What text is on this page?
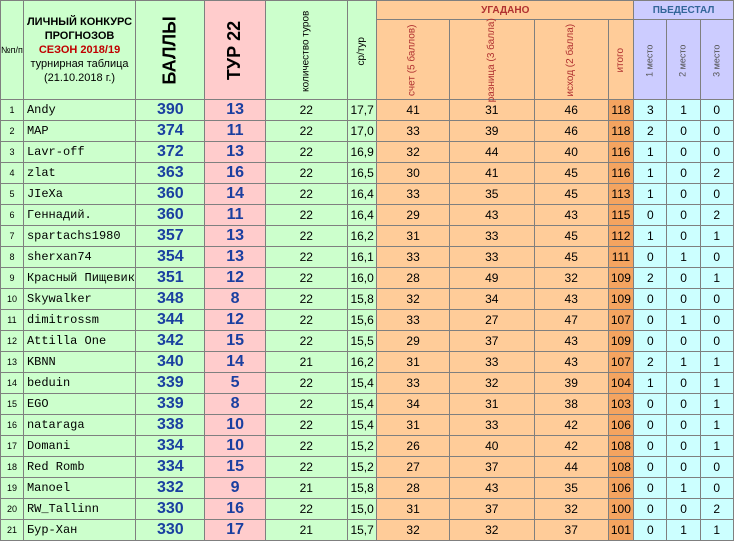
№п/п	ЛИЧНЫЙ КОНКУРС
ПРОГНОЗОВ
СЕЗОН 2018/19
турнирная таблица
(21.10.2018 г.)	БАЛЛЫ	ТУР 22	количество туров	ср/тур	УГАДАНО				ПЬЕДЕСТАЛ		
						счет (5 баллов)	разница (3 балла)	исход (2 балла)	итого	1 место	2 место	3 место
1	Andy	390	13	22	17,7	41	31	46	118	3	1	0
2	MAP	374	11	22	17,0	33	39	46	118	2	0	0
3	Lavr-off	372	13	22	16,9	32	44	40	116	1	0	0
4	zlat	363	16	22	16,5	30	41	45	116	1	0	2
5	JIeXa	360	14	22	16,4	33	35	45	113	1	0	0
6	Геннадий.	360	11	22	16,4	29	43	43	115	0	0	2
7	spartachs1980	357	13	22	16,2	31	33	45	112	1	0	1
8	sherxan74	354	13	22	16,1	33	33	45	111	0	1	0
9	Красный Пищевик	351	12	22	16,0	28	49	32	109	2	0	1
10	Skywalker	348	8	22	15,8	32	34	43	109	0	0	0
11	dimitrossm	344	12	22	15,6	33	27	47	107	0	1	0
12	Attilla One	342	15	22	15,5	29	37	43	109	0	0	0
13	KBNN	340	14	21	16,2	31	33	43	107	2	1	1
14	beduin	339	5	22	15,4	33	32	39	104	1	0	1
15	EGO	339	8	22	15,4	34	31	38	103	0	0	1
16	nataraga	338	10	22	15,4	31	33	42	106	0	0	1
17	Domani	334	10	22	15,2	26	40	42	108	0	0	1
18	Red Romb	334	15	22	15,2	27	37	44	108	0	0	0
19	Manoel	332	9	21	15,8	28	43	35	106	0	1	0
20	RW_Tallinn	330	16	22	15,0	31	37	32	100	0	0	2
21	Бур-Хан	330	17	21	15,7	32	32	37	101	0	1	1
